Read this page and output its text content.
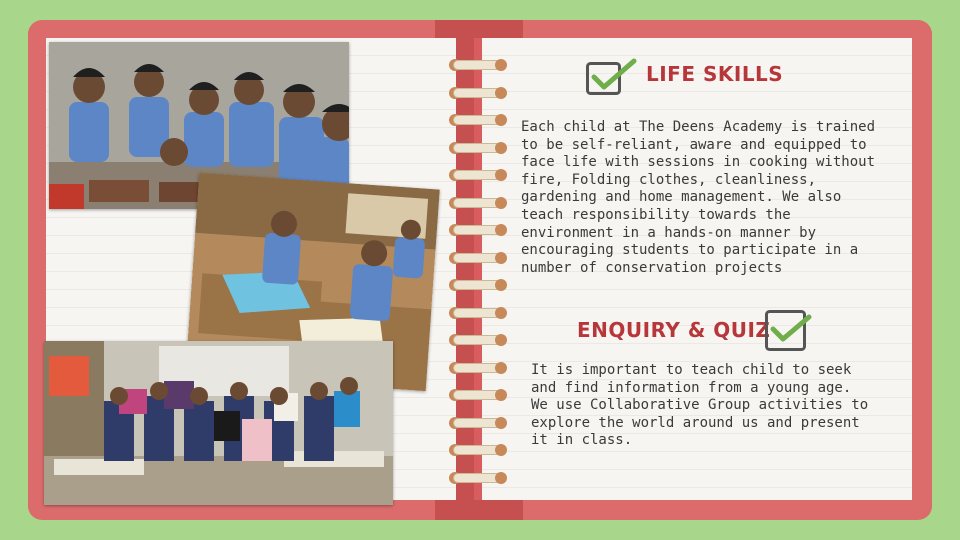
LIFE SKILLS

Each child at The Deens Academy is trained to be self-reliant, aware and equipped to face life with sessions in cooking without fire, Folding clothes, cleanliness, gardening and home management. We also teach responsibility towards the environment in a hands-on manner by encouraging students to participate in a number of conservation projects

ENQUIRY & QUIZ

It is important to teach child to seek and find information from a young age. We use Collaborative Group activities to explore the world around us and present it in class.
